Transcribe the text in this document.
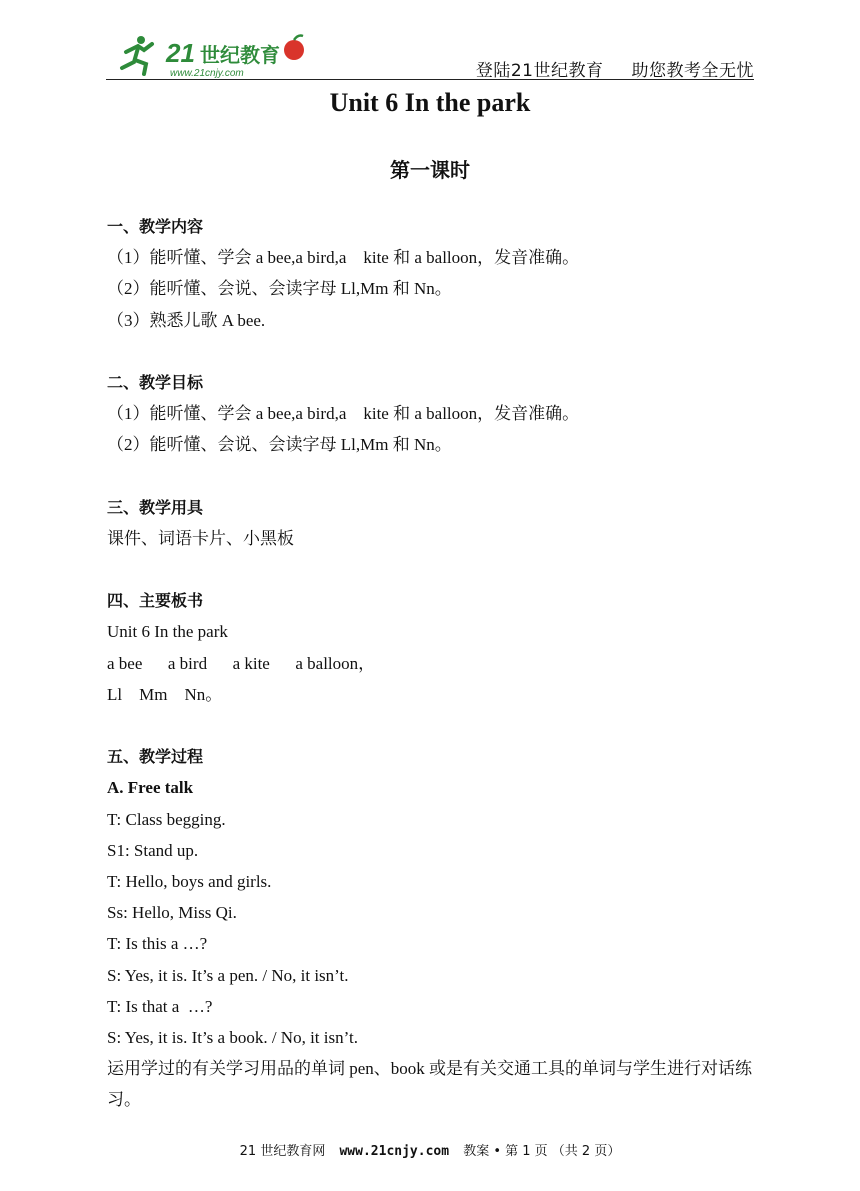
21 世纪教育
www.21cnjy.com	登陆21世纪教育 助您教考全无忧
Unit 6 In the park
第一课时
一、教学内容
（1）能听懂、学会 a bee,a bird,a    kite 和 a balloon，发音准确。
（2）能听懂、会说、会读字母 Ll,Mm 和 Nn。
（3）熟悉儿歌 A bee.
二、教学目标
（1）能听懂、学会 a bee,a bird,a    kite 和 a balloon，发音准确。
（2）能听懂、会说、会读字母 Ll,Mm 和 Nn。
三、教学用具
课件、词语卡片、小黑板
四、主要板书
Unit 6 In the park
a bee      a bird      a kite      a balloon，
Ll    Mm    Nn。
五、教学过程
A. Free talk
T: Class begging.
S1: Stand up.
T: Hello, boys and girls.
Ss: Hello, Miss Qi.
T: Is this a …?
S: Yes, it is. It’s a pen. / No, it isn’t.
T: Is that a  …?
S: Yes, it is. It’s a book. / No, it isn’t.
运用学过的有关学习用品的单词 pen、book 或是有关交通工具的单词与学生进行对话练习。
21 世纪教育网 www.21cnjy.com 教案 • 第 1 页 （共 2 页）
